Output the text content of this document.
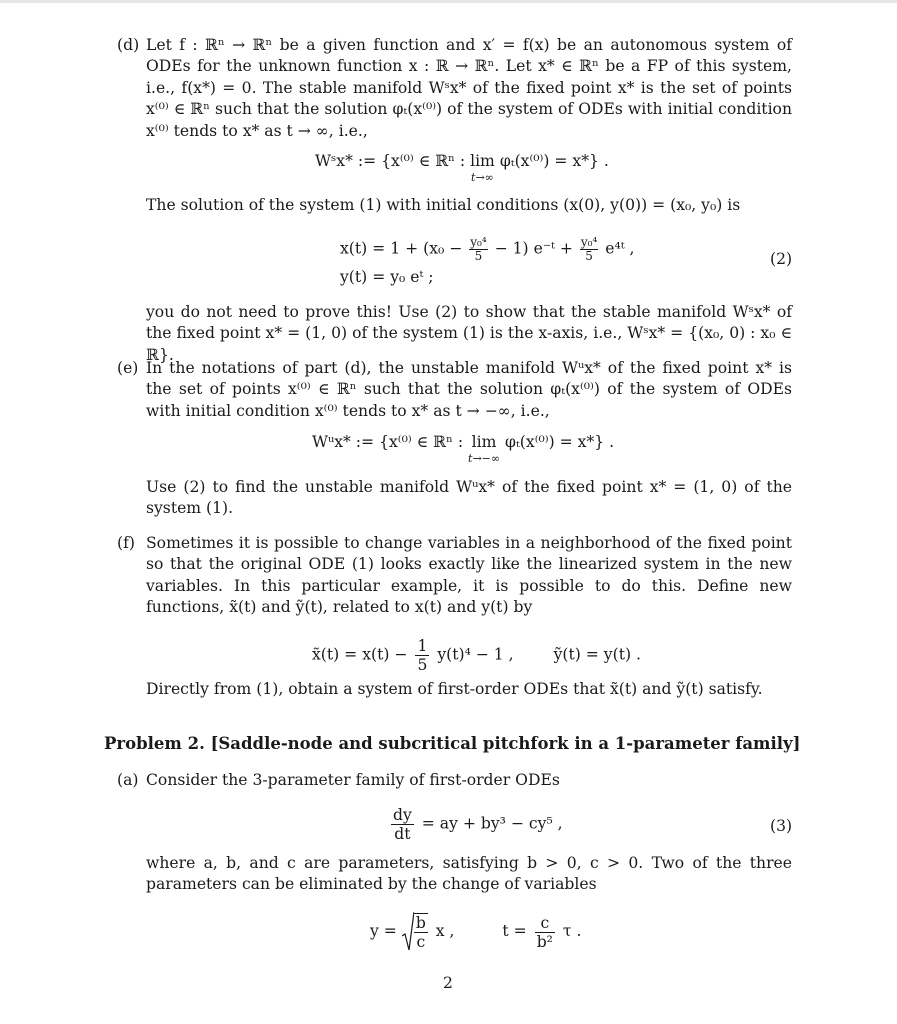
(d) Let f : ℝⁿ → ℝⁿ be a given function and x′ = f(x) be an autonomous system of ODEs for the unknown function x : ℝ → ℝⁿ. Let x* ∈ ℝⁿ be a FP of this system, i.e., f(x*) = 0. The stable manifold Wˢx* of the fixed point x* is the set of points x⁽⁰⁾ ∈ ℝⁿ such that the solution φₜ(x⁽⁰⁾) of the system of ODEs with initial condition x⁽⁰⁾ tends to x* as t → ∞, i.e.,
Wˢx* := {x⁽⁰⁾ ∈ ℝⁿ : lim
t→∞
φₜ(x⁽⁰⁾) = x*} .
The solution of the system (1) with initial conditions (x(0), y(0)) = (x₀, y₀) is
$x(t) = 1 + (x_0 - \frac{\text{y₀⁴}}{5} - 1)$ e⁻ᵗ + $\frac{\text{y₀⁴}}{5}$ e⁴ᵗ ,
y(t) = y₀ eᵗ ;
(2)
you do not need to prove this! Use (2) to show that the stable manifold Wˢx* of the fixed point x* = (1, 0) of the system (1) is the x-axis, i.e., Wˢx* = {(x₀, 0) : x₀ ∈ ℝ}.
(e) In the notations of part (d), the unstable manifold Wᵘx* of the fixed point x* is the set of points x⁽⁰⁾ ∈ ℝⁿ such that the solution φₜ(x⁽⁰⁾) of the system of ODEs with initial condition x⁽⁰⁾ tends to x* as t → −∞, i.e.,
Wᵘx* := {x⁽⁰⁾ ∈ ℝⁿ : lim
t→−∞
φₜ(x⁽⁰⁾) = x*} .
Use (2) to find the unstable manifold Wᵘx* of the fixed point x* = (1, 0) of the system (1).
(f) Sometimes it is possible to change variables in a neighborhood of the fixed point so that the original ODE (1) looks exactly like the linearized system in the new variables. In this particular example, it is possible to do this. Define new functions, x̃(t) and ỹ(t), related to x(t) and y(t) by
x̃(t) = $x(t) - \frac{1}{5} y(t)^4 - 1$ ,	ỹ(t) = y(t) .
Directly from (1), obtain a system of first-order ODEs that x̃(t) and ỹ(t) satisfy.
Problem 2. [Saddle-node and subcritical pitchfork in a 1-parameter family]
(a) Consider the 3-parameter family of first-order ODEs
$\frac{dy}{dt}$ = ay + by³ − cy⁵ ,	(3)
where a, b, and c are parameters, satisfying b > 0, c > 0. Two of the three parameters can be eliminated by the change of variables
$y = \frac{b}{c}$ x ,	$t = \frac{c}{\text{b²}}$ τ .
2
